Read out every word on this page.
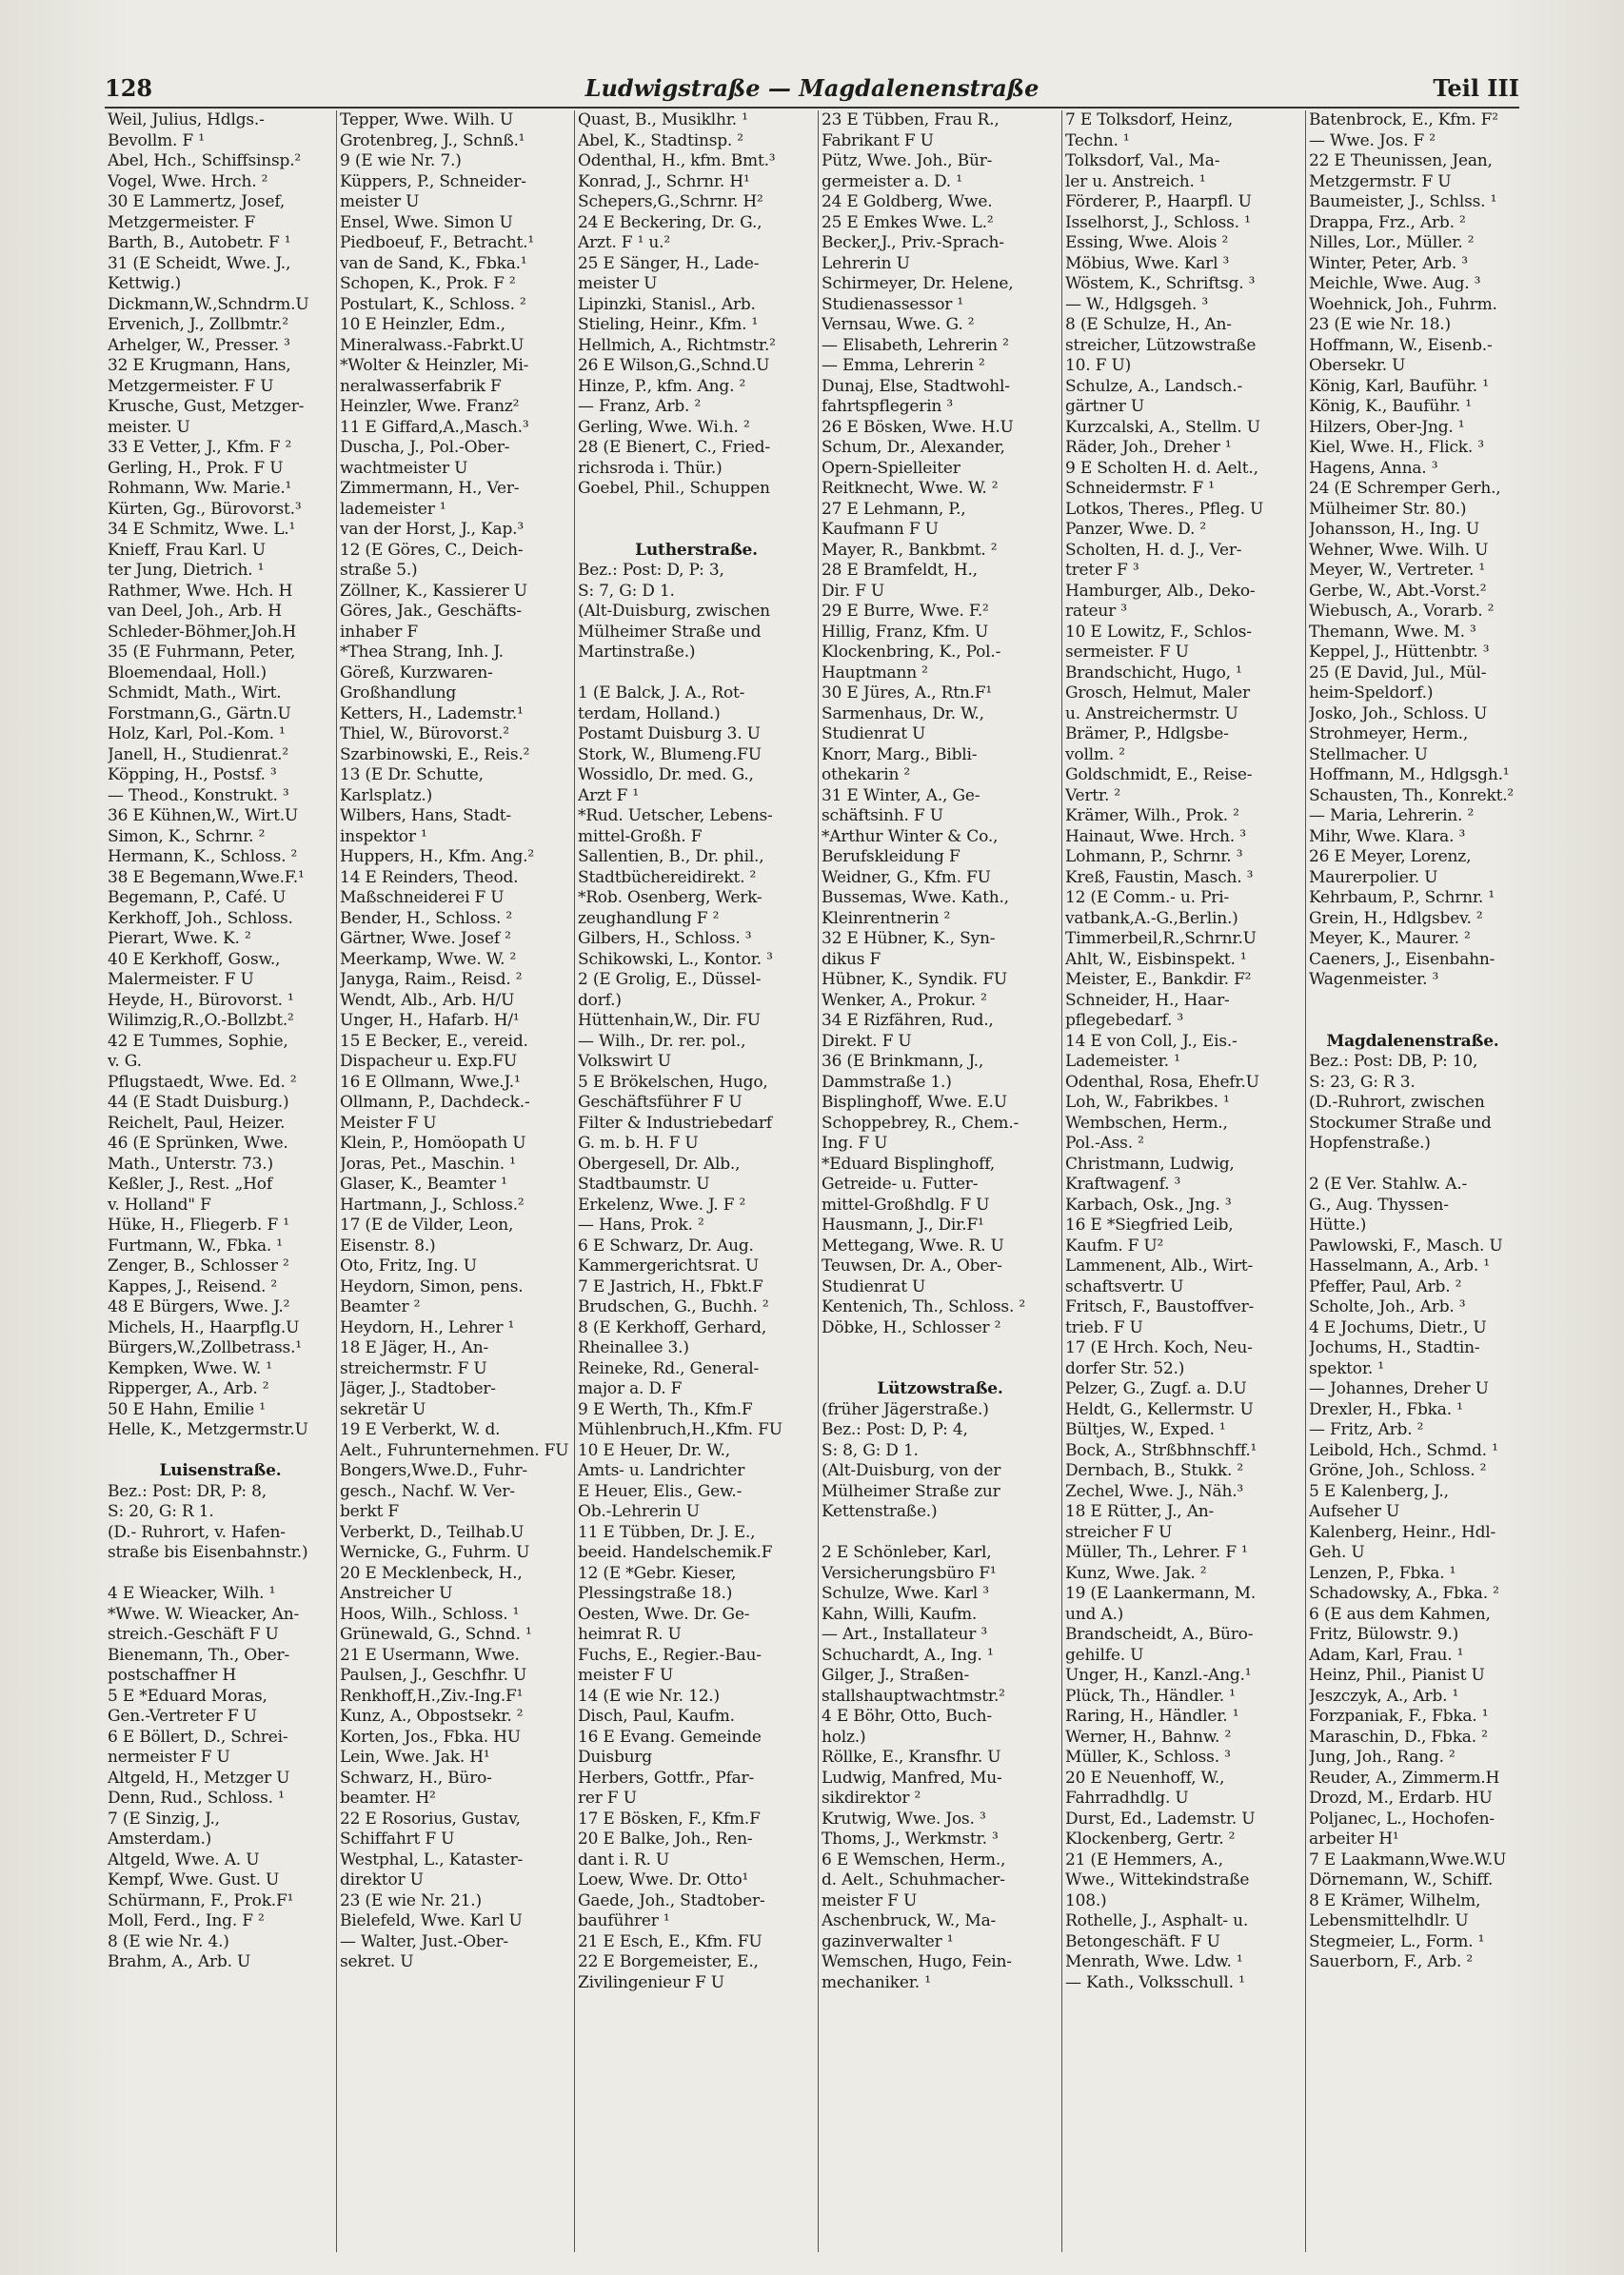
128	Ludwigstraße — Magdalenenstraße	Teil III
Weil, Julius, Hdlgs.-
Bevollm. F ¹
Abel, Hch., Schiffsinsp.²
Vogel, Wwe. Hrch. ²
30 E Lammertz, Josef,
Metzgermeister. F
Barth, B., Autobetr. F ¹
31 (E Scheidt, Wwe. J.,
Kettwig.)
Dickmann,W.,Schndrm.U
Ervenich, J., Zollbmtr.²
Arhelger, W., Presser. ³
32 E Krugmann, Hans,
Metzgermeister. F U
Krusche, Gust, Metzger-
meister. U
33 E Vetter, J., Kfm. F ²
Gerling, H., Prok. F U
Rohmann, Ww. Marie.¹
Kürten, Gg., Bürovorst.³
34 E Schmitz, Wwe. L.¹
Knieff, Frau Karl. U
ter Jung, Dietrich. ¹
Rathmer, Wwe. Hch. H
van Deel, Joh., Arb. H
Schleder-Böhmer,Joh.H
35 (E Fuhrmann, Peter,
Bloemendaal, Holl.)
Schmidt, Math., Wirt.
Forstmann,G., Gärtn.U
Holz, Karl, Pol.-Kom. ¹
Janell, H., Studienrat.²
Köpping, H., Postsf. ³
— Theod., Konstrukt. ³
36 E Kühnen,W., Wirt.U
Simon, K., Schrnr. ²
Hermann, K., Schloss. ²
38 E Begemann,Wwe.F.¹
Begemann, P., Café. U
Kerkhoff, Joh., Schloss.
Pierart, Wwe. K. ²
40 E Kerkhoff, Gosw.,
Malermeister. F U
Heyde, H., Bürovorst. ¹
Wilimzig,R.,O.-Bollzbt.²
42 E Tummes, Sophie,
v. G.
Pflugstaedt, Wwe. Ed. ²
44 (E Stadt Duisburg.)
Reichelt, Paul, Heizer.
46 (E Sprünken, Wwe.
Math., Unterstr. 73.)
Keßler, J., Rest. „Hof
v. Holland" F
Hüke, H., Fliegerb. F ¹
Furtmann, W., Fbka. ¹
Zenger, B., Schlosser ²
Kappes, J., Reisend. ²
48 E Bürgers, Wwe. J.²
Michels, H., Haarpflg.U
Bürgers,W.,Zollbetrass.¹
Kempken, Wwe. W. ¹
Ripperger, A., Arb. ²
50 E Hahn, Emilie ¹
Helle, K., Metzgermstr.U
Luisenstraße.
Bez.: Post: DR, P: 8,
S: 20, G: R 1.
(D.- Ruhrort, v. Hafen-
straße bis Eisenbahnstr.)
4 E Wieacker, Wilh. ¹
*Wwe. W. Wieacker, An-
streich.-Geschäft F U
Bienemann, Th., Ober-
postschaffner H
5 E *Eduard Moras,
Gen.-Vertreter F U
6 E Böllert, D., Schrei-
nermeister F U
Altgeld, H., Metzger U
Denn, Rud., Schloss. ¹
7 (E Sinzig, J.,
Amsterdam.)
Altgeld, Wwe. A. U
Kempf, Wwe. Gust. U
Schürmann, F., Prok.F¹
Moll, Ferd., Ing. F ²
8 (E wie Nr. 4.)
Brahm, A., Arb. U
Tepper, Wwe. Wilh. U
Grotenbreg, J., Schnß.¹
9 (E wie Nr. 7.)
Küppers, P., Schneider-
meister U
Ensel, Wwe. Simon U
Piedboeuf, F., Betracht.¹
van de Sand, K., Fbka.¹
Schopen, K., Prok. F ²
Postulart, K., Schloss. ²
10 E Heinzler, Edm.,
Mineralwass.-Fabrkt.U
*Wolter & Heinzler, Mi-
neralwasserfabrik F
Heinzler, Wwe. Franz²
11 E Giffard,A.,Masch.³
Duscha, J., Pol.-Ober-
wachtmeister U
Zimmermann, H., Ver-
lademeister ¹
van der Horst, J., Kap.³
12 (E Göres, C., Deich-
straße 5.)
Zöllner, K., Kassierer U
Göres, Jak., Geschäfts-
inhaber F
*Thea Strang, Inh. J.
Göreß, Kurzwaren-
Großhandlung
Ketters, H., Lademstr.¹
Thiel, W., Bürovorst.²
Szarbinowski, E., Reis.²
13 (E Dr. Schutte,
Karlsplatz.)
Wilbers, Hans, Stadt-
inspektor ¹
Huppers, H., Kfm. Ang.²
14 E Reinders, Theod.
Maßschneiderei F U
Bender, H., Schloss. ²
Gärtner, Wwe. Josef ²
Meerkamp, Wwe. W. ²
Janyga, Raim., Reisd. ²
Wendt, Alb., Arb. H/U
Unger, H., Hafarb. H/¹
15 E Becker, E., vereid.
Dispacheur u. Exp.FU
16 E Ollmann, Wwe.J.¹
Ollmann, P., Dachdeck.-
Meister F U
Klein, P., Homöopath U
Joras, Pet., Maschin. ¹
Glaser, K., Beamter ¹
Hartmann, J., Schloss.²
17 (E de Vilder, Leon,
Eisenstr. 8.)
Oto, Fritz, Ing. U
Heydorn, Simon, pens.
Beamter ²
Heydorn, H., Lehrer ¹
18 E Jäger, H., An-
streichermstr. F U
Jäger, J., Stadtober-
sekretär U
19 E Verberkt, W. d.
Aelt., Fuhrunternehmen. FU
Bongers,Wwe.D., Fuhr-
gesch., Nachf. W. Ver-
berkt F
Verberkt, D., Teilhab.U
Wernicke, G., Fuhrm. U
20 E Mecklenbeck, H.,
Anstreicher U
Hoos, Wilh., Schloss. ¹
Grünewald, G., Schnd. ¹
21 E Usermann, Wwe.
Paulsen, J., Geschfhr. U
Renkhoff,H.,Ziv.-Ing.F¹
Kunz, A., Obpostsekr. ²
Korten, Jos., Fbka. HU
Lein, Wwe. Jak. H¹
Schwarz, H., Büro-
beamter. H²
22 E Rosorius, Gustav,
Schiffahrt F U
Westphal, L., Kataster-
direktor U
23 (E wie Nr. 21.)
Bielefeld, Wwe. Karl U
— Walter, Just.-Ober-
sekret. U
Quast, B., Musiklhr. ¹
Abel, K., Stadtinsp. ²
Odenthal, H., kfm. Bmt.³
Konrad, J., Schrnr. H¹
Schepers,G.,Schrnr. H²
24 E Beckering, Dr. G.,
Arzt. F ¹ u.²
25 E Sänger, H., Lade-
meister U
Lipinzki, Stanisl., Arb.
Stieling, Heinr., Kfm. ¹
Hellmich, A., Richtmstr.²
26 E Wilson,G.,Schnd.U
Hinze, P., kfm. Ang. ²
— Franz, Arb. ²
Gerling, Wwe. Wi.h. ²
28 (E Bienert, C., Fried-
richsroda i. Thür.)
Goebel, Phil., Schuppen
Lutherstraße.
Bez.: Post: D, P: 3,
S: 7, G: D 1.
(Alt-Duisburg, zwischen
Mülheimer Straße und
Martinstraße.)
1 (E Balck, J. A., Rot-
terdam, Holland.)
Postamt Duisburg 3. U
Stork, W., Blumeng.FU
Wossidlo, Dr. med. G.,
Arzt F ¹
*Rud. Uetscher, Lebens-
mittel-Großh. F
Sallentien, B., Dr. phil.,
Stadtbüchereidirekt. ²
*Rob. Osenberg, Werk-
zeughandlung F ²
Gilbers, H., Schloss. ³
Schikowski, L., Kontor. ³
2 (E Grolig, E., Düssel-
dorf.)
Hüttenhain,W., Dir. FU
— Wilh., Dr. rer. pol.,
Volkswirt U
5 E Brökelschen, Hugo,
Geschäftsführer F U
Filter & Industriebedarf
G. m. b. H. F U
Obergesell, Dr. Alb.,
Stadtbaumstr. U
Erkelenz, Wwe. J. F ²
— Hans, Prok. ²
6 E Schwarz, Dr. Aug.
Kammergerichtsrat. U
7 E Jastrich, H., Fbkt.F
Brudschen, G., Buchh. ²
8 (E Kerkhoff, Gerhard,
Rheinallee 3.)
Reineke, Rd., General-
major a. D. F
9 E Werth, Th., Kfm.F
Mühlenbruch,H.,Kfm. FU
10 E Heuer, Dr. W.,
Amts- u. Landrichter
E Heuer, Elis., Gew.-
Ob.-Lehrerin U
11 E Tübben, Dr. J. E.,
beeid. Handelschemik.F
12 (E *Gebr. Kieser,
Plessingstraße 18.)
Oesten, Wwe. Dr. Ge-
heimrat R. U
Fuchs, E., Regier.-Bau-
meister F U
14 (E wie Nr. 12.)
Disch, Paul, Kaufm.
16 E Evang. Gemeinde
Duisburg
Herbers, Gottfr., Pfar-
rer F U
17 E Bösken, F., Kfm.F
20 E Balke, Joh., Ren-
dant i. R. U
Loew, Wwe. Dr. Otto¹
Gaede, Joh., Stadtober-
bauführer ¹
21 E Esch, E., Kfm. FU
22 E Borgemeister, E.,
Zivilingenieur F U
23 E Tübben, Frau R.,
Fabrikant F U
Pütz, Wwe. Joh., Bür-
germeister a. D. ¹
24 E Goldberg, Wwe.
25 E Emkes Wwe. L.²
Becker,J., Priv.-Sprach-
Lehrerin U
Schirmeyer, Dr. Helene,
Studienassessor ¹
Vernsau, Wwe. G. ²
— Elisabeth, Lehrerin ²
— Emma, Lehrerin ²
Dunaj, Else, Stadtwohl-
fahrtspflegerin ³
26 E Bösken, Wwe. H.U
Schum, Dr., Alexander,
Opern-Spielleiter
Reitknecht, Wwe. W. ²
27 E Lehmann, P.,
Kaufmann F U
Mayer, R., Bankbmt. ²
28 E Bramfeldt, H.,
Dir. F U
29 E Burre, Wwe. F.²
Hillig, Franz, Kfm. U
Klockenbring, K., Pol.-
Hauptmann ²
30 E Jüres, A., Rtn.F¹
Sarmenhaus, Dr. W.,
Studienrat U
Knorr, Marg., Bibli-
othekarin ²
31 E Winter, A., Ge-
schäftsinh. F U
*Arthur Winter & Co.,
Berufskleidung F
Weidner, G., Kfm. FU
Bussemas, Wwe. Kath.,
Kleinrentnerin ²
32 E Hübner, K., Syn-
dikus F
Hübner, K., Syndik. FU
Wenker, A., Prokur. ²
34 E Rizfähren, Rud.,
Direkt. F U
36 (E Brinkmann, J.,
Dammstraße 1.)
Bisplinghoff, Wwe. E.U
Schoppebrey, R., Chem.-
Ing. F U
*Eduard Bisplinghoff,
Getreide- u. Futter-
mittel-Großhdlg. F U
Hausmann, J., Dir.F¹
Mettegang, Wwe. R. U
Teuwsen, Dr. A., Ober-
Studienrat U
Kentenich, Th., Schloss. ²
Döbke, H., Schlosser ²
Lützowstraße.
(früher Jägerstraße.)
Bez.: Post: D, P: 4,
S: 8, G: D 1.
(Alt-Duisburg, von der
Mülheimer Straße zur
Kettenstraße.)
2 E Schönleber, Karl,
Versicherungsbüro F¹
Schulze, Wwe. Karl ³
Kahn, Willi, Kaufm.
— Art., Installateur ³
Schuchardt, A., Ing. ¹
Gilger, J., Straßen-
stallshauptwachtmstr.²
4 E Böhr, Otto, Buch-
holz.)
Röllke, E., Kransfhr. U
Ludwig, Manfred, Mu-
sikdirektor ²
Krutwig, Wwe. Jos. ³
Thoms, J., Werkmstr. ³
6 E Wemschen, Herm.,
d. Aelt., Schuhmacher-
meister F U
Aschenbruck, W., Ma-
gazinverwalter ¹
Wemschen, Hugo, Fein-
mechaniker. ¹
7 E Tolksdorf, Heinz,
Techn. ¹
Tolksdorf, Val., Ma-
ler u. Anstreich. ¹
Förderer, P., Haarpfl. U
Isselhorst, J., Schloss. ¹
Essing, Wwe. Alois ²
Möbius, Wwe. Karl ³
Wöstem, K., Schriftsg. ³
— W., Hdlgsgeh. ³
8 (E Schulze, H., An-
streicher, Lützowstraße
10. F U)
Schulze, A., Landsch.-
gärtner U
Kurzcalski, A., Stellm. U
Räder, Joh., Dreher ¹
9 E Scholten H. d. Aelt.,
Schneidermstr. F ¹
Lotkos, Theres., Pfleg. U
Panzer, Wwe. D. ²
Scholten, H. d. J., Ver-
treter F ³
Hamburger, Alb., Deko-
rateur ³
10 E Lowitz, F., Schlos-
sermeister. F U
Brandschicht, Hugo, ¹
Grosch, Helmut, Maler
u. Anstreichermstr. U
Brämer, P., Hdlgsbe-
vollm. ²
Goldschmidt, E., Reise-
Vertr. ²
Krämer, Wilh., Prok. ²
Hainaut, Wwe. Hrch. ³
Lohmann, P., Schrnr. ³
Kreß, Faustin, Masch. ³
12 (E Comm.- u. Pri-
vatbank,A.-G.,Berlin.)
Timmerbeil,R.,Schrnr.U
Ahlt, W., Eisbinspekt. ¹
Meister, E., Bankdir. F²
Schneider, H., Haar-
pflegebedarf. ³
14 E von Coll, J., Eis.-
Lademeister. ¹
Odenthal, Rosa, Ehefr.U
Loh, W., Fabrikbes. ¹
Wembschen, Herm.,
Pol.-Ass. ²
Christmann, Ludwig,
Kraftwagenf. ³
Karbach, Osk., Jng. ³
16 E *Siegfried Leib,
Kaufm. F U²
Lammenent, Alb., Wirt-
schaftsvertr. U
Fritsch, F., Baustoffver-
trieb. F U
17 (E Hrch. Koch, Neu-
dorfer Str. 52.)
Pelzer, G., Zugf. a. D.U
Heldt, G., Kellermstr. U
Bültjes, W., Exped. ¹
Bock, A., Strßbhnschff.¹
Dernbach, B., Stukk. ²
Zechel, Wwe. J., Näh.³
18 E Rütter, J., An-
streicher F U
Müller, Th., Lehrer. F ¹
Kunz, Wwe. Jak. ²
19 (E Laankermann, M.
und A.)
Brandscheidt, A., Büro-
gehilfe. U
Unger, H., Kanzl.-Ang.¹
Plück, Th., Händler. ¹
Raring, H., Händler. ¹
Werner, H., Bahnw. ²
Müller, K., Schloss. ³
20 E Neuenhoff, W.,
Fahrradhdlg. U
Durst, Ed., Lademstr. U
Klockenberg, Gertr. ²
21 (E Hemmers, A.,
Wwe., Wittekindstraße
108.)
Rothelle, J., Asphalt- u.
Betongeschäft. F U
Menrath, Wwe. Ldw. ¹
— Kath., Volksschull. ¹
Batenbrock, E., Kfm. F²
— Wwe. Jos. F ²
22 E Theunissen, Jean,
Metzgermstr. F U
Baumeister, J., Schlss. ¹
Drappa, Frz., Arb. ²
Nilles, Lor., Müller. ²
Winter, Peter, Arb. ³
Meichle, Wwe. Aug. ³
Woehnick, Joh., Fuhrm.
23 (E wie Nr. 18.)
Hoffmann, W., Eisenb.-
Obersekr. U
König, Karl, Bauführ. ¹
König, K., Bauführ. ¹
Hilzers, Ober-Jng. ¹
Kiel, Wwe. H., Flick. ³
Hagens, Anna. ³
24 (E Schremper Gerh.,
Mülheimer Str. 80.)
Johansson, H., Ing. U
Wehner, Wwe. Wilh. U
Meyer, W., Vertreter. ¹
Gerbe, W., Abt.-Vorst.²
Wiebusch, A., Vorarb. ²
Themann, Wwe. M. ³
Keppel, J., Hüttenbtr. ³
25 (E David, Jul., Mül-
heim-Speldorf.)
Josko, Joh., Schloss. U
Strohmeyer, Herm.,
Stellmacher. U
Hoffmann, M., Hdlgsgh.¹
Schausten, Th., Konrekt.²
— Maria, Lehrerin. ²
Mihr, Wwe. Klara. ³
26 E Meyer, Lorenz,
Maurerpolier. U
Kehrbaum, P., Schrnr. ¹
Grein, H., Hdlgsbev. ²
Meyer, K., Maurer. ²
Caeners, J., Eisenbahn-
Wagenmeister. ³
Magdalenenstraße.
Bez.: Post: DB, P: 10,
S: 23, G: R 3.
(D.-Ruhrort, zwischen
Stockumer Straße und
Hopfenstraße.)
2 (E Ver. Stahlw. A.-
G., Aug. Thyssen-
Hütte.)
Pawlowski, F., Masch. U
Hasselmann, A., Arb. ¹
Pfeffer, Paul, Arb. ²
Scholte, Joh., Arb. ³
4 E Jochums, Dietr., U
Jochums, H., Stadtin-
spektor. ¹
— Johannes, Dreher U
Drexler, H., Fbka. ¹
— Fritz, Arb. ²
Leibold, Hch., Schmd. ¹
Gröne, Joh., Schloss. ²
5 E Kalenberg, J.,
Aufseher U
Kalenberg, Heinr., Hdl-
Geh. U
Lenzen, P., Fbka. ¹
Schadowsky, A., Fbka. ²
6 (E aus dem Kahmen,
Fritz, Bülowstr. 9.)
Adam, Karl, Frau. ¹
Heinz, Phil., Pianist U
Jeszczyk, A., Arb. ¹
Forzpaniak, F., Fbka. ¹
Maraschin, D., Fbka. ²
Jung, Joh., Rang. ²
Reuder, A., Zimmerm.H
Drozd, M., Erdarb. HU
Poljanec, L., Hochofen-
arbeiter H¹
7 E Laakmann,Wwe.W.U
Dörnemann, W., Schiff.
8 E Krämer, Wilhelm,
Lebensmittelhdlr. U
Stegmeier, L., Form. ¹
Sauerborn, F., Arb. ²
